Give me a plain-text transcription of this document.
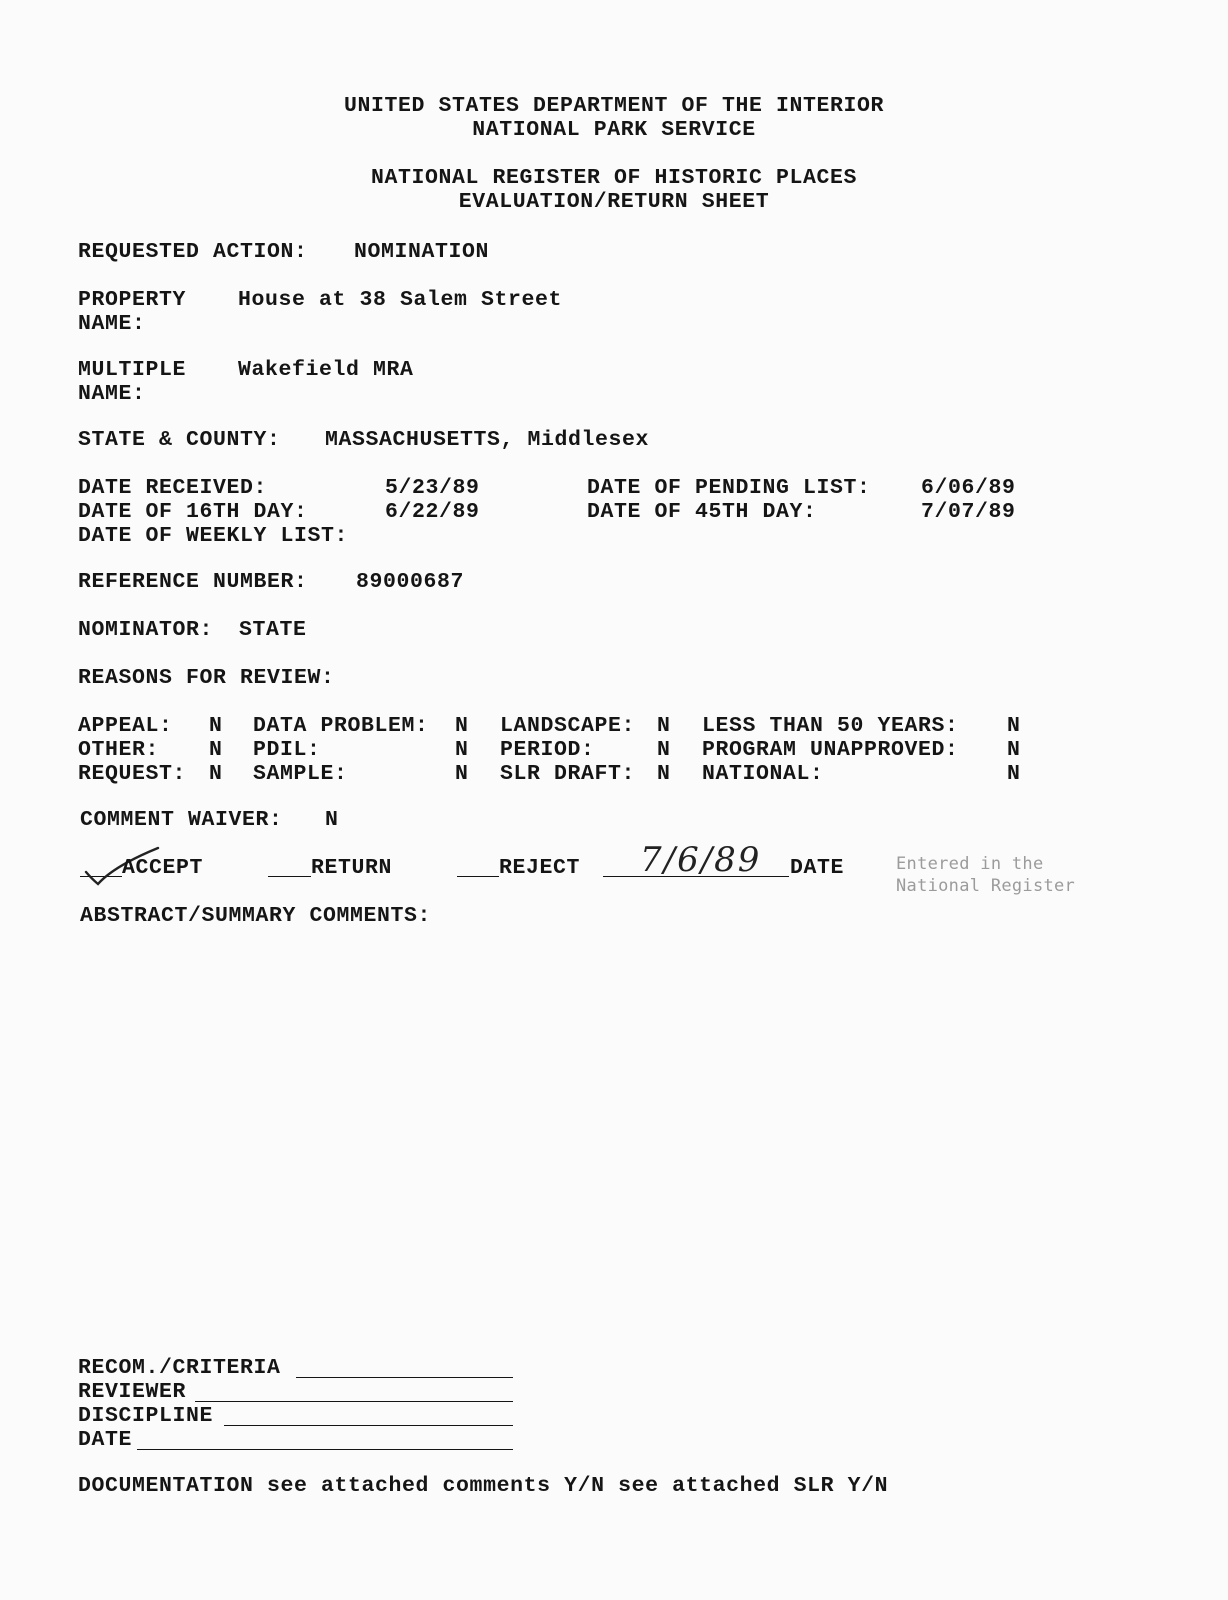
UNITED STATES DEPARTMENT OF THE INTERIOR
NATIONAL PARK SERVICE
NATIONAL REGISTER OF HISTORIC PLACES
EVALUATION/RETURN SHEET
REQUESTED ACTION: NOMINATION
PROPERTY
NAME:
House at 38 Salem Street
MULTIPLE
NAME:
Wakefield MRA
STATE & COUNTY: MASSACHUSETTS, Middlesex
DATE RECEIVED:	5/23/89	DATE OF PENDING LIST: 6/06/89
DATE OF 16TH DAY:	6/22/89	DATE OF 45TH DAY:	7/07/89
DATE OF WEEKLY LIST:
REFERENCE NUMBER: 89000687
NOMINATOR: STATE
REASONS FOR REVIEW:
APPEAL: N DATA PROBLEM: N LANDSCAPE: N LESS THAN 50 YEARS: N
OTHER: N PDIL:	N PERIOD:	N PROGRAM UNAPPROVED: N
REQUEST: N SAMPLE:	N SLR DRAFT: N NATIONAL:	N
COMMENT WAIVER: N
ACCEPT	RETURN	REJECT 7/6/89 DATE	Entered in the
National Register
ABSTRACT/SUMMARY COMMENTS:
RECOM./CRITERIA
REVIEWER
DISCIPLINE
DATE
DOCUMENTATION see attached comments Y/N see attached SLR Y/N
